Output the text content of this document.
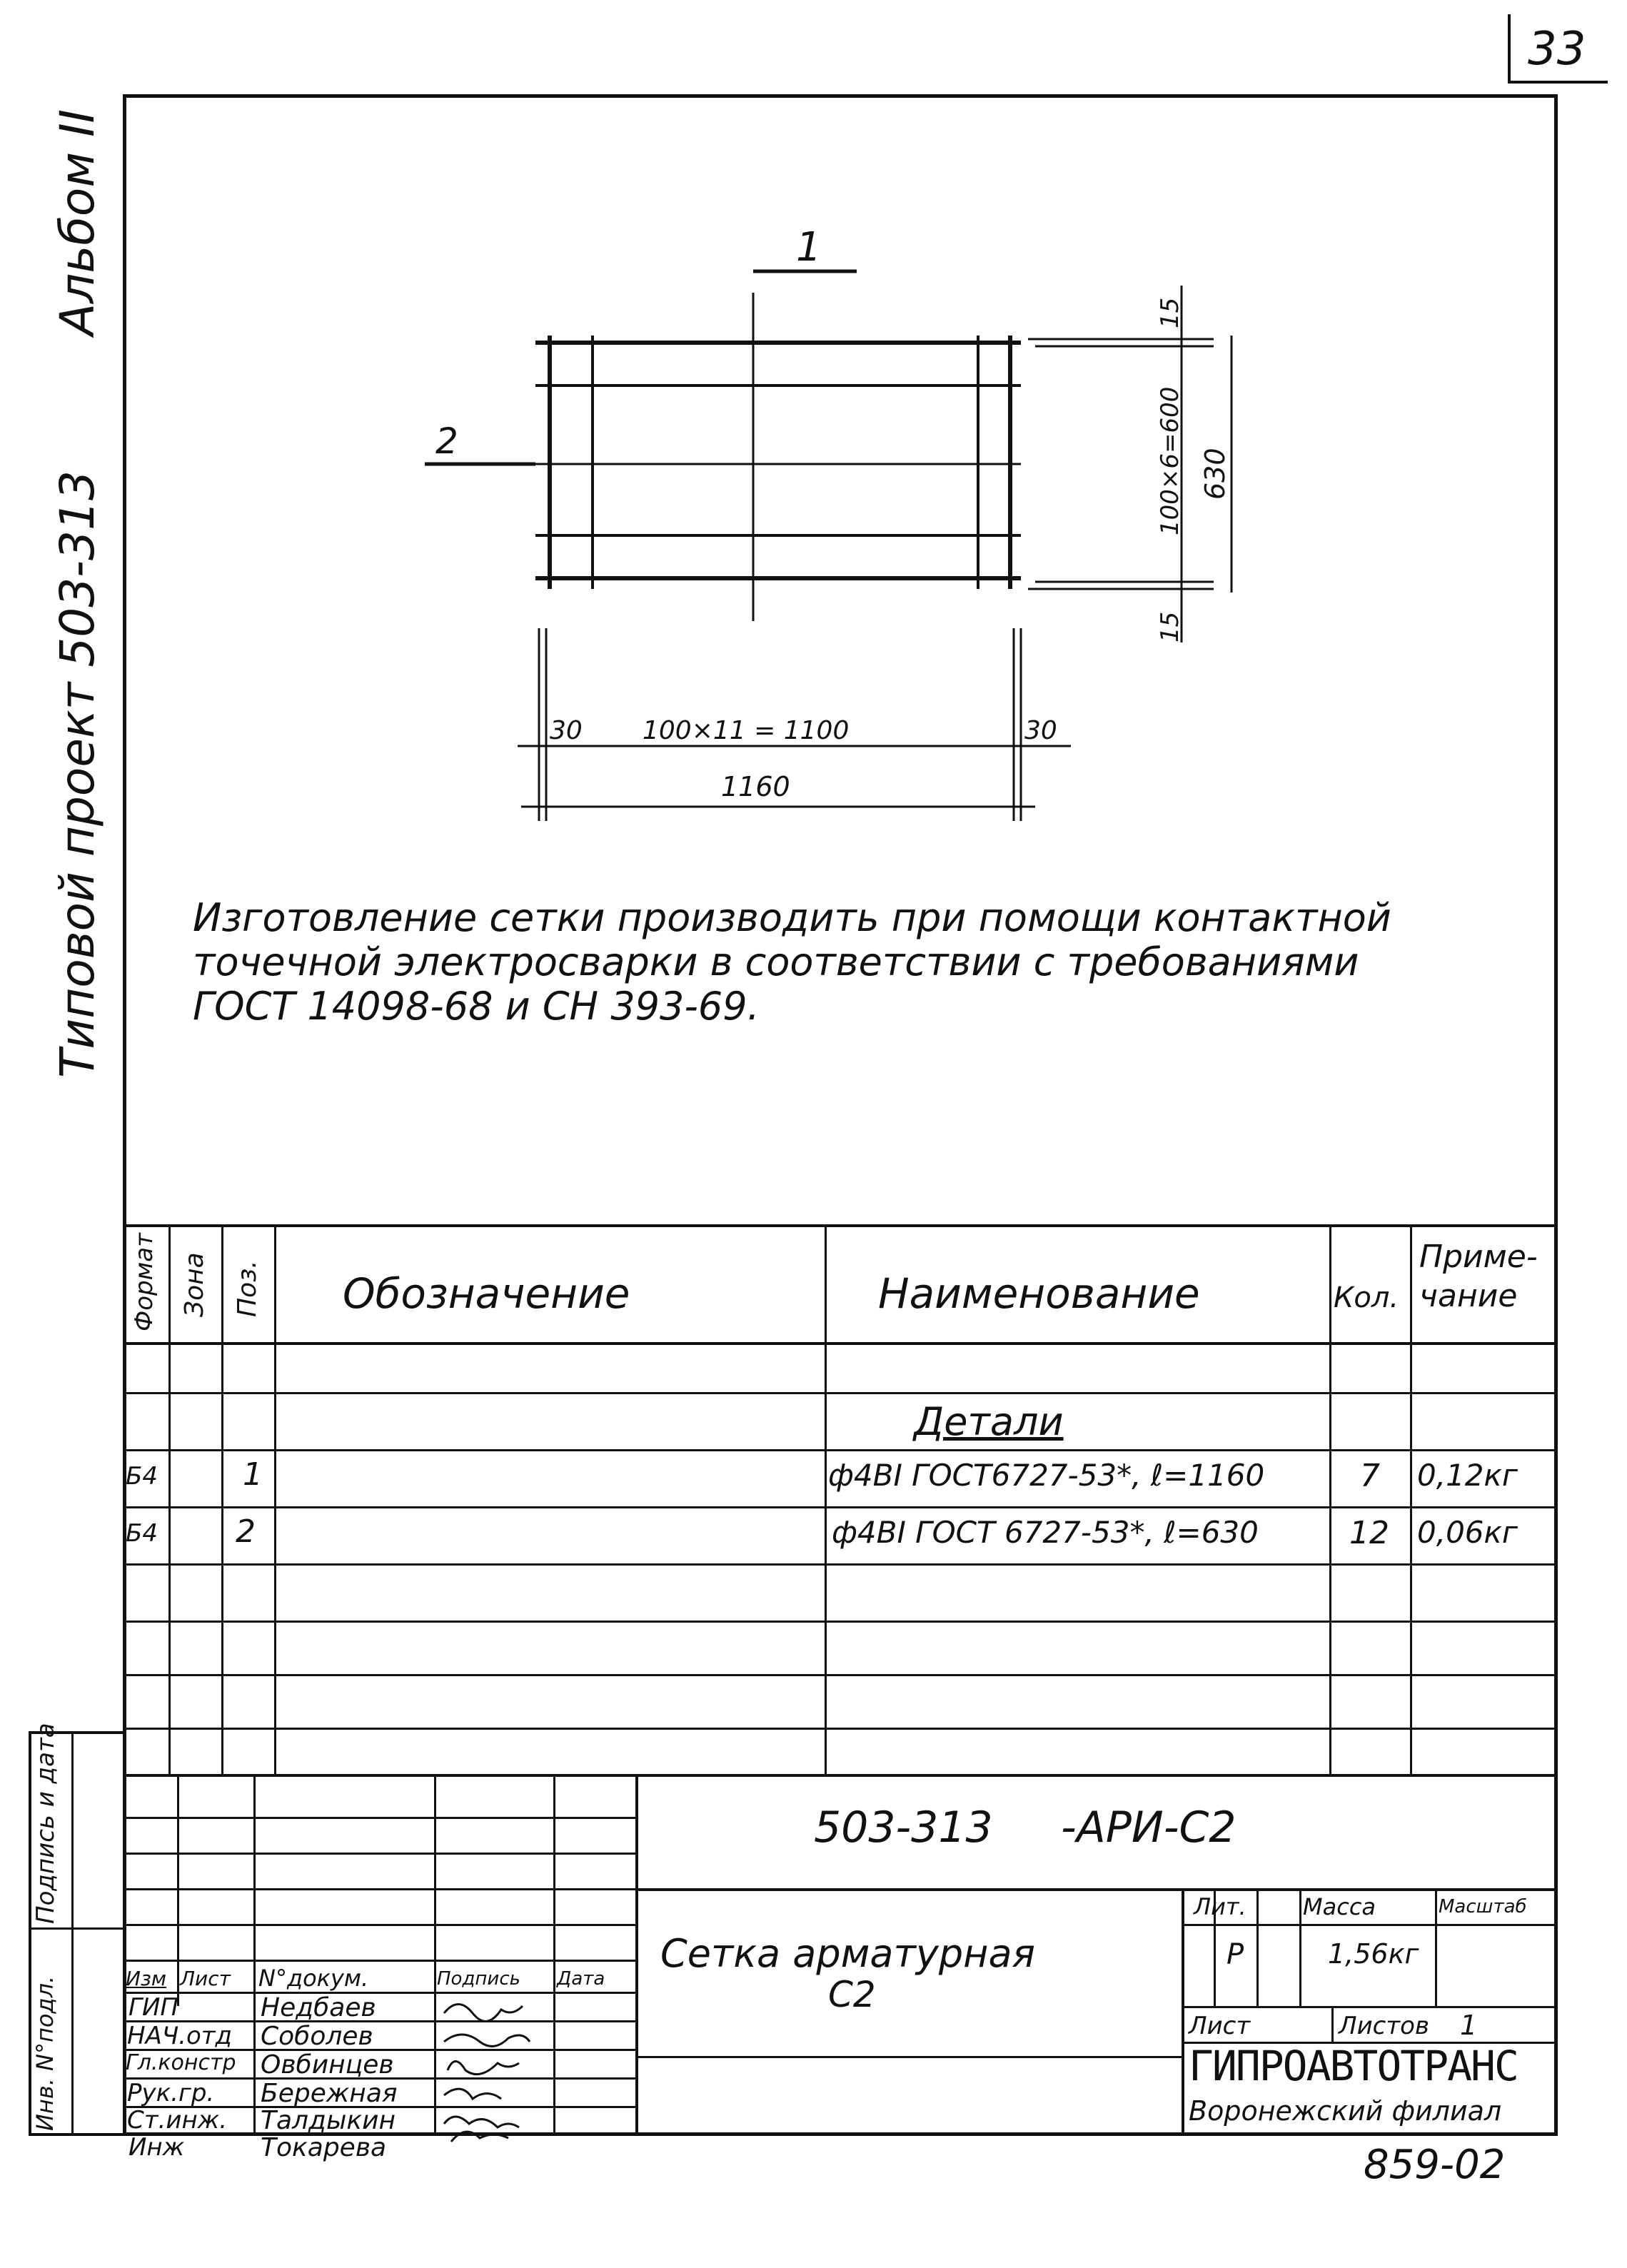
33
Типовой проект 503-313
Альбом II	1
2
15
100×6=600 630
15
30 100×11 = 1100	30
1160
Изготовление сетки производить при помощи контактной
точечной электросварки в соответствии с требованиями
ГОСТ 14098-68 и СН 393-69.
Формат Зона Поз. Обозначение	Наименование	Кол.
Приме-
чание
Детали
Б4	1	ф4ВI ГОСТ6727-53*, ℓ=1160	7 0,12кг
Б4 2	ф4ВI ГОСТ 6727-53*, ℓ=630	12 0,06кг
Подпись и дата
Инв. N°подл.
503-313     -АРИ-С2
Сетка арматурная
С2
Изм Лист N°докум.	Подпись Дата
ГИП	Недбаев
НАЧ.отд Соболев
Гл.констр Овбинцев
Рук.гр. Бережная
Ст.инж. Талдыкин
Инж	Токарева
Лит. Масса	Масштаб
Р	1,56кг
Лист	Листов 1
ГИПРОАВТОТРАНС
Воронежский филиал
859-02
